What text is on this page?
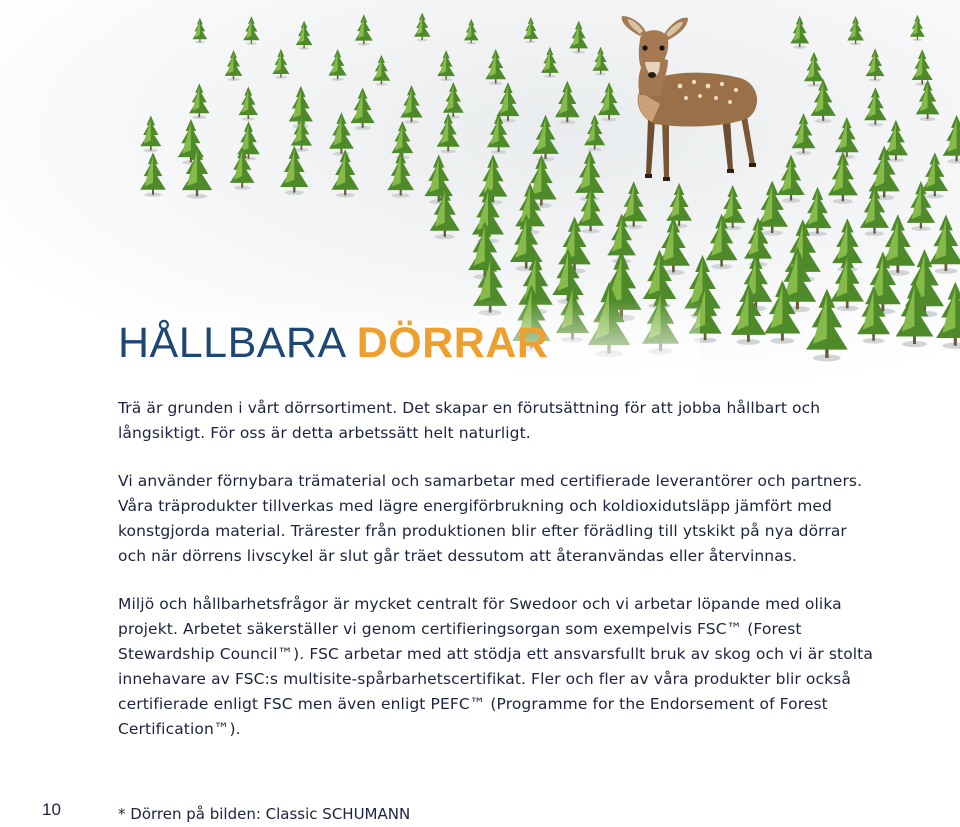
HÅLLBARA DÖRRAR

Trä är grunden i vårt dörrsortiment. Det skapar en förutsättning för att jobba hållbart och långsiktigt. För oss är detta arbetssätt helt naturligt.

Vi använder förnybara trämaterial och samarbetar med certifierade leverantörer och partners. Våra träprodukter tillverkas med lägre energiförbrukning och koldioxidutsläpp jämfört med konstgjorda material. Trärester från produktionen blir efter förädling till ytskikt på nya dörrar och när dörrens livscykel är slut går träet dessutom att återanvändas eller återvinnas.

Miljö och hållbarhetsfrågor är mycket centralt för Swedoor och vi arbetar löpande med olika projekt. Arbetet säkerställer vi genom certifieringsorgan som exempelvis FSC™ (Forest Stewardship Council™). FSC arbetar med att stödja ett ansvarsfullt bruk av skog och vi är stolta innehavare av FSC:s multisite-spårbarhetscertifikat. Fler och fler av våra produkter blir också certifierade enligt FSC men även enligt PEFC™ (Programme for the Endorsement of Forest Certification™).

* Dörren på bilden: Classic SCHUMANN
10
